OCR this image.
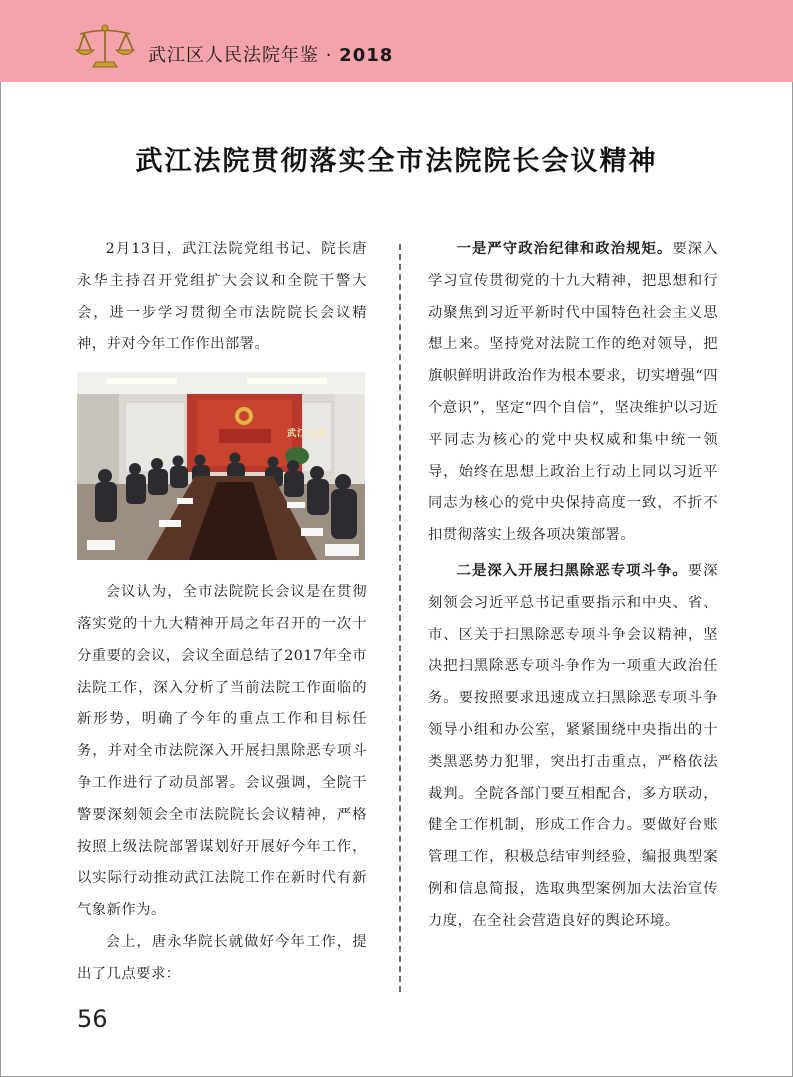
武江区人民法院年鉴 · 2018
武江法院贯彻落实全市法院院长会议精神

2月13日，武江法院党组书记、院长唐永华主持召开党组扩大会议和全院干警大会，进一步学习贯彻全市法院院长会议精神，并对今年工作作出部署。

武江法院

会议认为，全市法院院长会议是在贯彻落实党的十九大精神开局之年召开的一次十分重要的会议，会议全面总结了2017年全市法院工作，深入分析了当前法院工作面临的新形势，明确了今年的重点工作和目标任务，并对全市法院深入开展扫黑除恶专项斗争工作进行了动员部署。会议强调，全院干警要深刻领会全市法院院长会议精神，严格按照上级法院部署谋划好开展好今年工作，以实际行动推动武江法院工作在新时代有新气象新作为。

会上，唐永华院长就做好今年工作，提出了几点要求：

一是严守政治纪律和政治规矩。要深入学习宣传贯彻党的十九大精神，把思想和行动聚焦到习近平新时代中国特色社会主义思想上来。坚持党对法院工作的绝对领导，把旗帜鲜明讲政治作为根本要求，切实增强“四个意识”，坚定“四个自信”，坚决维护以习近平同志为核心的党中央权威和集中统一领导，始终在思想上政治上行动上同以习近平同志为核心的党中央保持高度一致，不折不扣贯彻落实上级各项决策部署。

二是深入开展扫黑除恶专项斗争。要深刻领会习近平总书记重要指示和中央、省、市、区关于扫黑除恶专项斗争会议精神，坚决把扫黑除恶专项斗争作为一项重大政治任务。要按照要求迅速成立扫黑除恶专项斗争领导小组和办公室，紧紧围绕中央指出的十类黑恶势力犯罪，突出打击重点，严格依法裁判。全院各部门要互相配合，多方联动，健全工作机制，形成工作合力。要做好台账管理工作，积极总结审判经验，编报典型案例和信息简报，选取典型案例加大法治宣传力度，在全社会营造良好的舆论环境。

56
